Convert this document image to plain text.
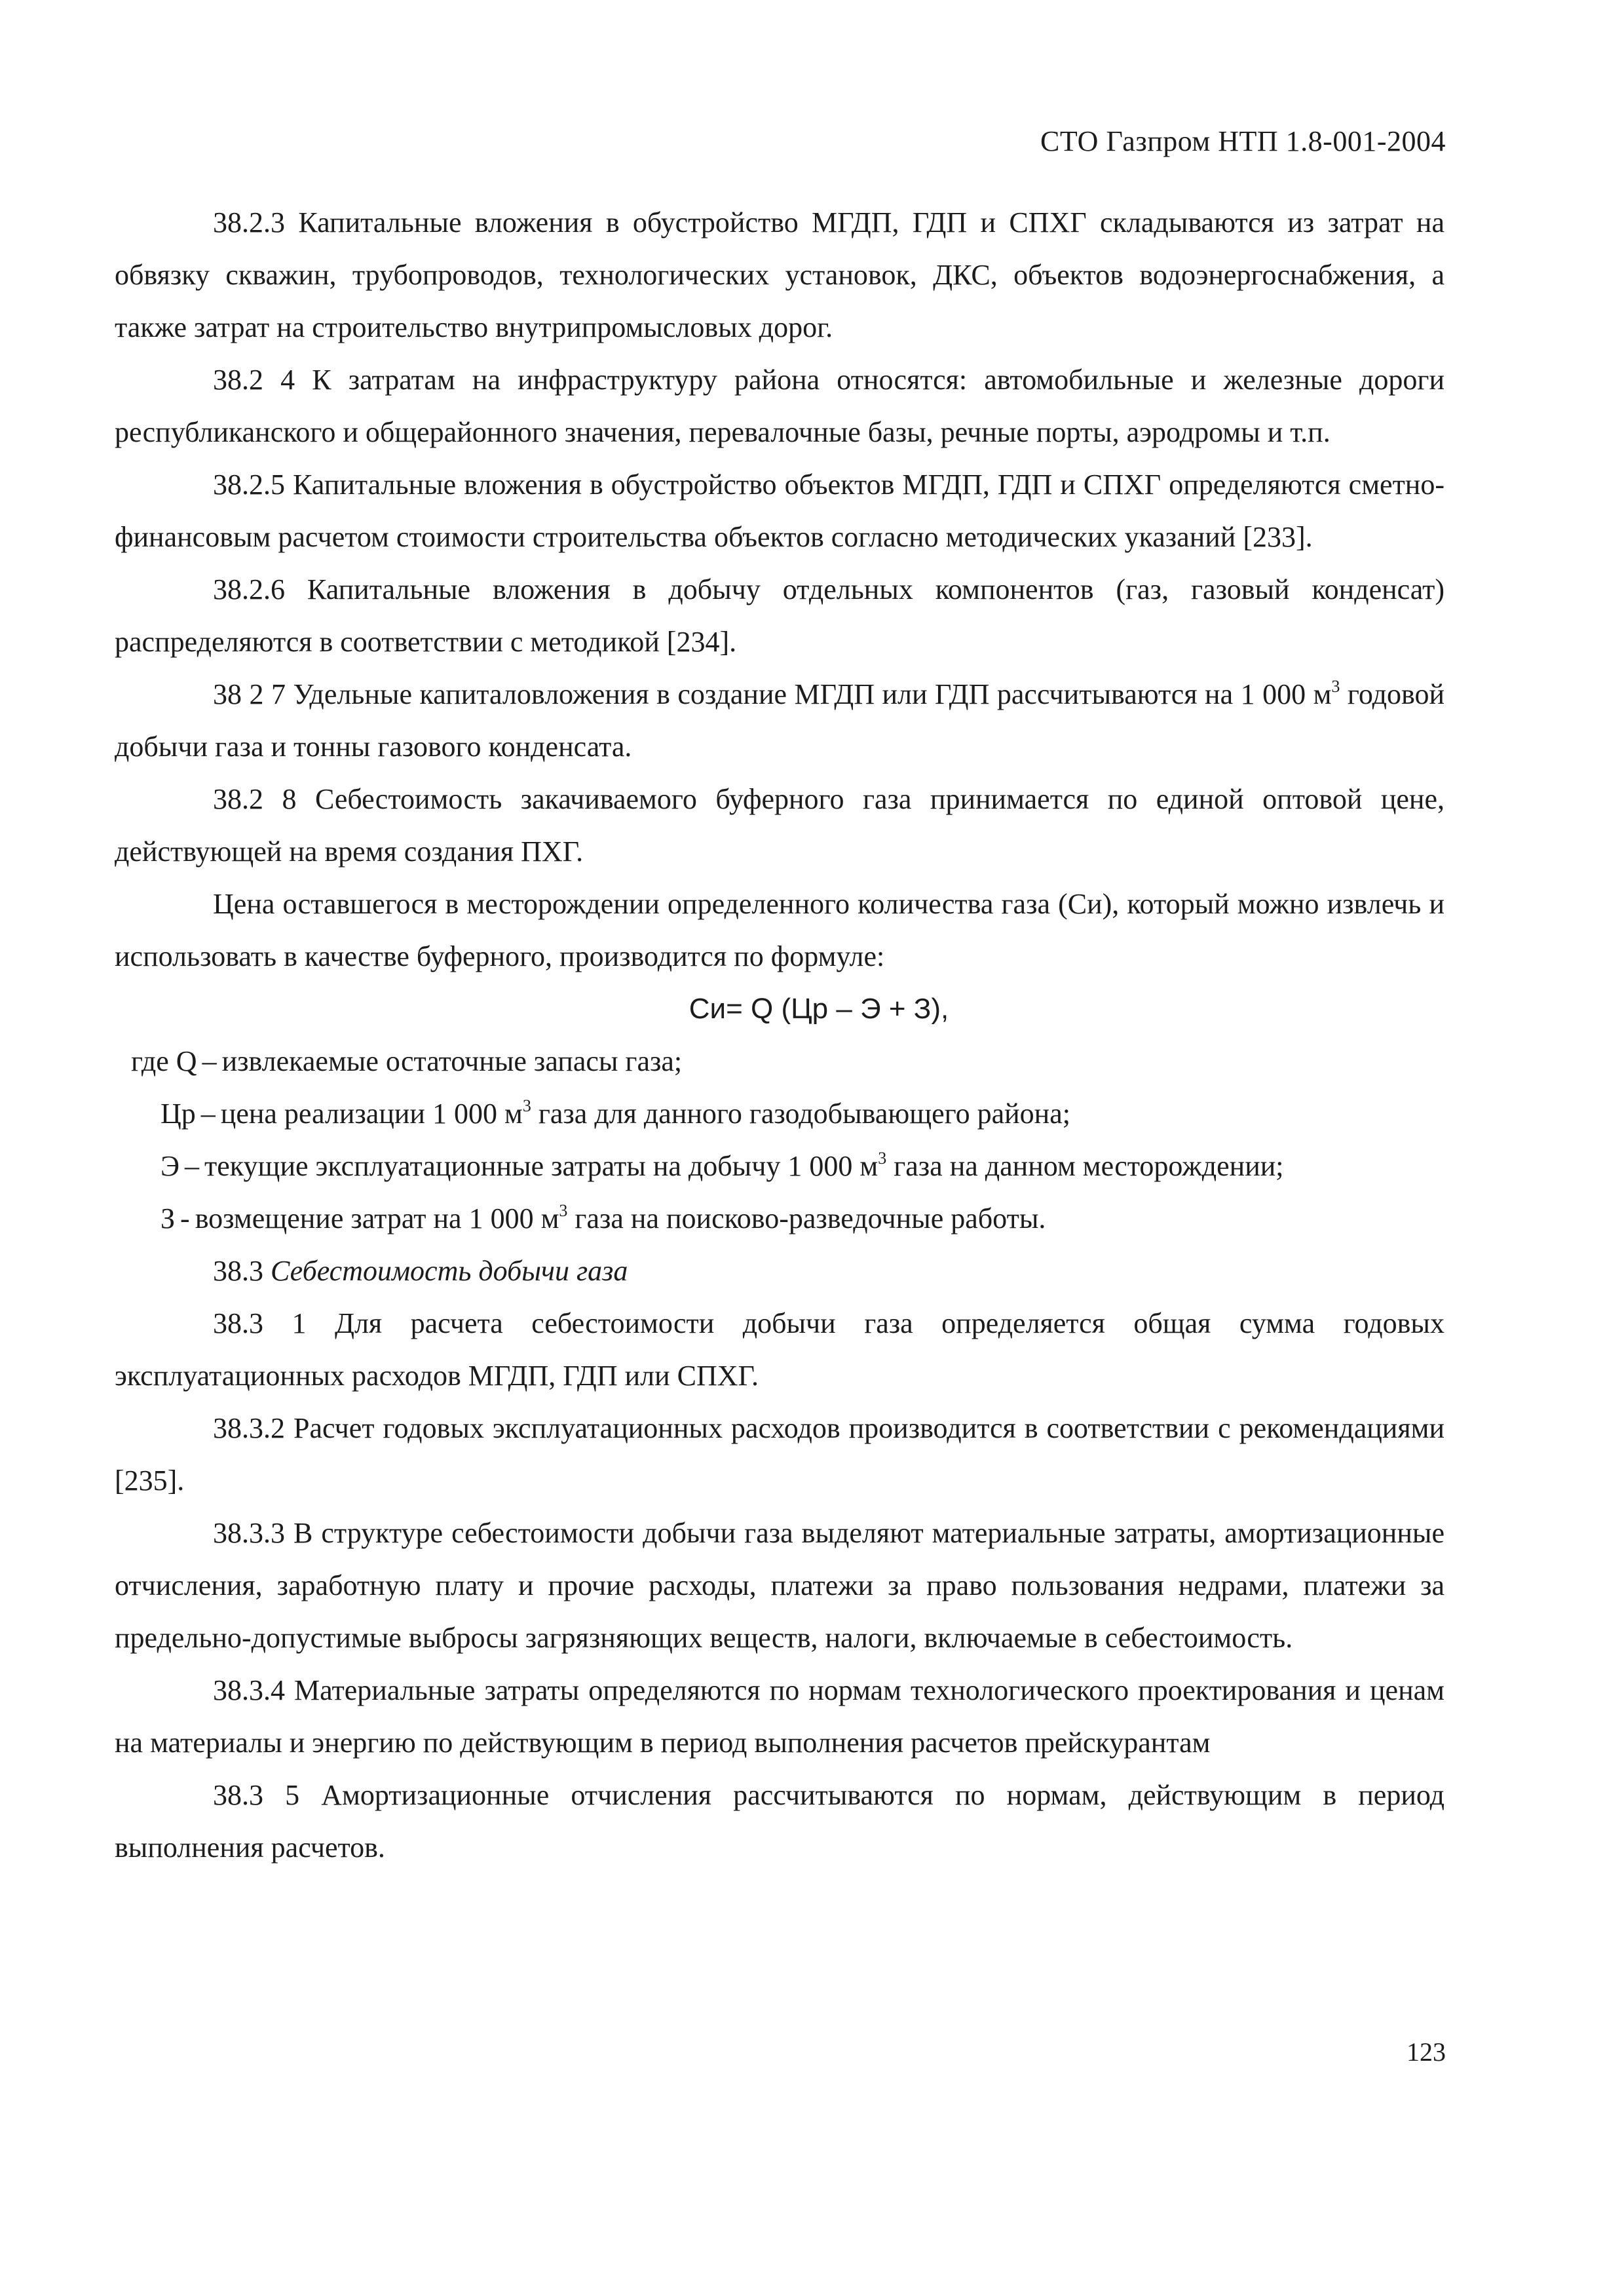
СТО Газпром НТП 1.8-001-2004

38.2.3 Капитальные вложения в обустройство МГДП, ГДП и СПХГ складываются из затрат на обвязку скважин, трубопроводов, технологических установок, ДКС, объектов водоэнергоснабжения, а также затрат на строительство внутрипромысловых дорог.

38.2 4 К затратам на инфраструктуру района относятся: автомобильные и железные дороги республиканского и общерайонного значения, перевалочные базы, речные порты, аэродромы и т.п.

38.2.5 Капитальные вложения в обустройство объектов МГДП, ГДП и СПХГ определяются сметно-финансовым расчетом стоимости строительства объектов согласно методических указаний [233].

38.2.6 Капитальные вложения в добычу отдельных компонентов (газ, газовый конденсат) распределяются в соответствии с методикой [234].

38 2 7 Удельные капиталовложения в создание МГДП или ГДП рассчитываются на 1 000 $м^3$ годовой добычи газа и тонны газового конденсата.

38.2 8 Себестоимость закачиваемого буферного газа принимается по единой оптовой цене, действующей на время создания ПХГ.

Цена оставшегося в месторождении определенного количества газа (Си), который можно извлечь и использовать в качестве буферного, производится по формуле:

Си= Q (Цр – Э + З),

где Q – извлекаемые остаточные запасы газа;

Цр – цена реализации 1 000 $м^3$ газа для данного газодобывающего района;

Э – текущие эксплуатационные затраты на добычу 1 000 $м^3$ газа на данном месторождении;

З - возмещение затрат на 1 000 $м^3$ газа на поисково-разведочные работы.

38.3 Себестоимость добычи газа

38.3 1 Для расчета себестоимости добычи газа определяется общая сумма годовых эксплуатационных расходов МГДП, ГДП или СПХГ.

38.3.2 Расчет годовых эксплуатационных расходов производится в соответствии с рекомендациями [235].

38.3.3 В структуре себестоимости добычи газа выделяют материальные затраты, амортизационные отчисления, заработную плату и прочие расходы, платежи за право пользования недрами, платежи за предельно-допустимые выбросы загрязняющих веществ, налоги, включаемые в себестоимость.

38.3.4 Материальные затраты определяются по нормам технологического проектирования и ценам на материалы и энергию по действующим в период выполнения расчетов прейскурантам

38.3 5 Амортизационные отчисления рассчитываются по нормам, действующим в период выполнения расчетов.

123
